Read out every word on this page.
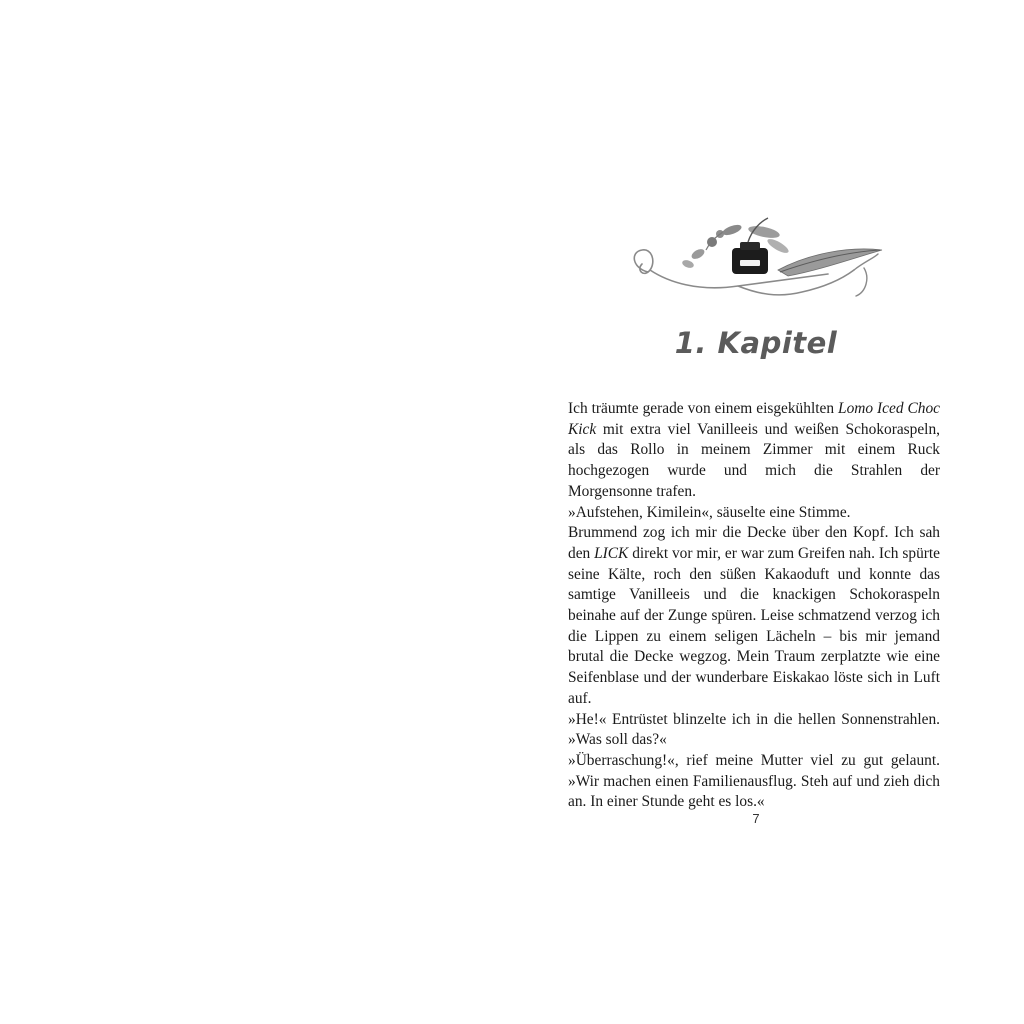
1. Kapitel

Ich träumte gerade von einem eisgekühlten Lomo Iced Choc Kick mit extra viel Vanilleeis und weißen Schokoraspeln, als das Rollo in meinem Zimmer mit einem Ruck hochgezogen wurde und mich die Strahlen der Morgensonne trafen.

»Aufstehen, Kimilein«, säuselte eine Stimme.

Brummend zog ich mir die Decke über den Kopf. Ich sah den LICK direkt vor mir, er war zum Greifen nah. Ich spürte seine Kälte, roch den süßen Kakaoduft und konnte das samtige Vanilleeis und die knackigen Schokoraspeln beinahe auf der Zunge spüren. Leise schmatzend verzog ich die Lippen zu einem seligen Lächeln – bis mir jemand brutal die Decke wegzog. Mein Traum zerplatzte wie eine Seifenblase und der wunderbare Eiskakao löste sich in Luft auf.

»He!« Entrüstet blinzelte ich in die hellen Sonnenstrahlen. »Was soll das?«

»Überraschung!«, rief meine Mutter viel zu gut gelaunt. »Wir machen einen Familienausflug. Steh auf und zieh dich an. In einer Stunde geht es los.«

7
